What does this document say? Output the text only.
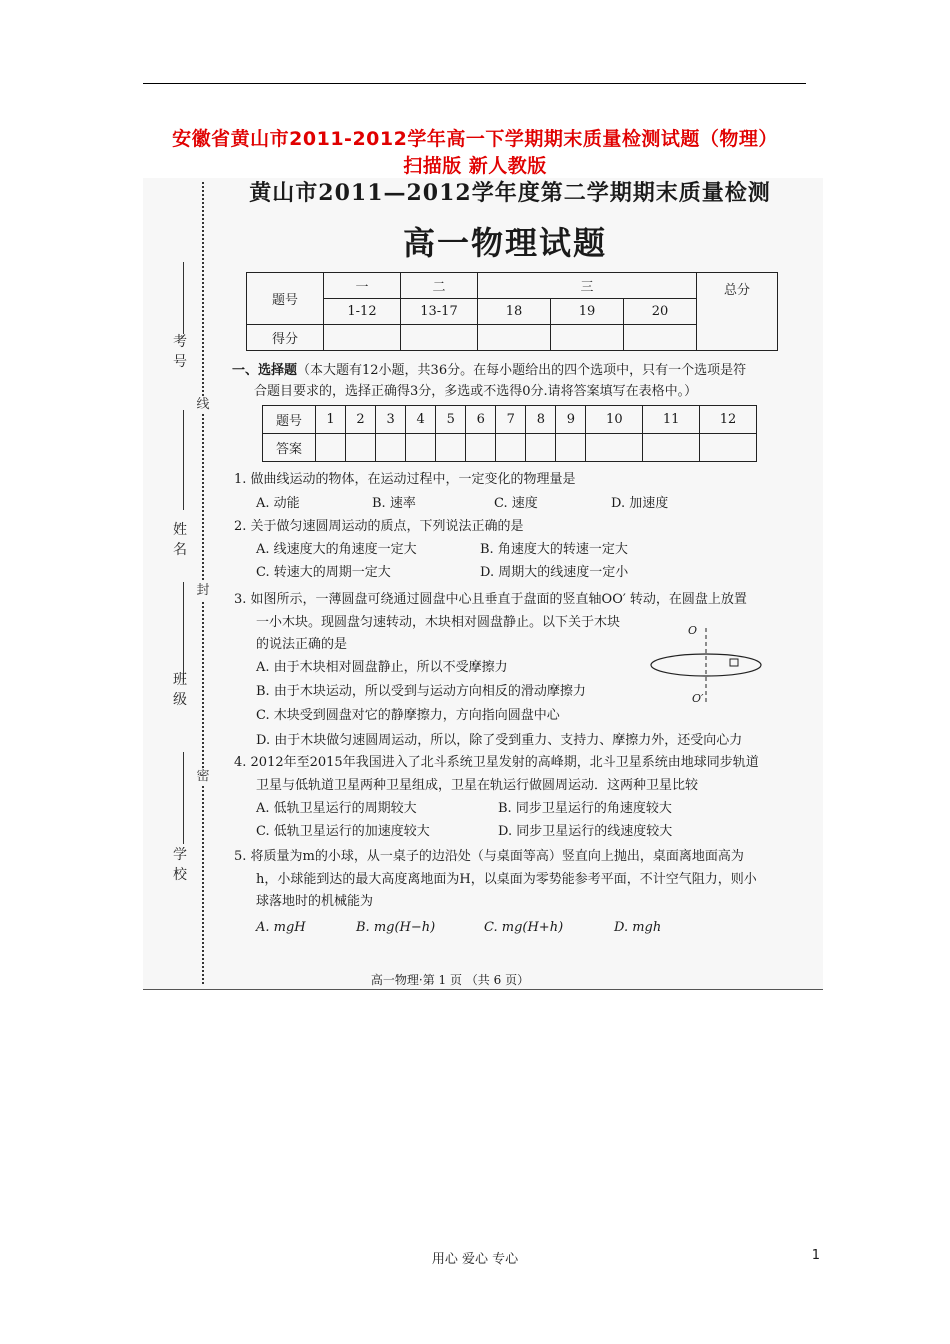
安徽省黄山市2011-2012学年高一下学期期末质量检测试题（物理）
扫描版 新人教版
考号
姓名
班级
学校
线
封
密
黄山市2011—2012学年度第二学期期末质量检测
高一物理试题
题号	一	二	三			总分
	1-12	13-17	18	19	20	
得分						
一、选择题（本大题有12小题，共36分。在每小题给出的四个选项中，只有一个选项是符
合题目要求的，选择正确得3分，多选或不选得0分.请将答案填写在表格中。）
题号	1	2	3	4	5	6	7	8	9	10	11	12
答案												
1. 做曲线运动的物体，在运动过程中，一定变化的物理量是
A. 动能	B. 速率	C. 速度	D. 加速度
2. 关于做匀速圆周运动的质点，下列说法正确的是
A. 线速度大的角速度一定大	B. 角速度大的转速一定大
C. 转速大的周期一定大	D. 周期大的线速度一定小
3. 如图所示，一薄圆盘可绕通过圆盘中心且垂直于盘面的竖直轴OO′ 转动，在圆盘上放置
一小木块。现圆盘匀速转动，木块相对圆盘静止。以下关于木块
的说法正确的是
A. 由于木块相对圆盘静止，所以不受摩擦力
B. 由于木块运动，所以受到与运动方向相反的滑动摩擦力
C. 木块受到圆盘对它的静摩擦力，方向指向圆盘中心
D. 由于木块做匀速圆周运动，所以，除了受到重力、支持力、摩擦力外，还受向心力
O
O′
4. 2012年至2015年我国进入了北斗系统卫星发射的高峰期，北斗卫星系统由地球同步轨道
卫星与低轨道卫星两种卫星组成，卫星在轨运行做圆周运动．这两种卫星比较
A. 低轨卫星运行的周期较大	B. 同步卫星运行的角速度较大
C. 低轨卫星运行的加速度较大	D. 同步卫星运行的线速度较大
5. 将质量为m的小球，从一桌子的边沿处（与桌面等高）竖直向上抛出，桌面离地面高为
h，小球能到达的最大高度离地面为H，以桌面为零势能参考平面，不计空气阻力，则小
球落地时的机械能为
A. mgH	B. mg(H−h)	C. mg(H+h)	D. mgh
高一物理·第 1 页 （共 6 页）
用心 爱心 专心	1
